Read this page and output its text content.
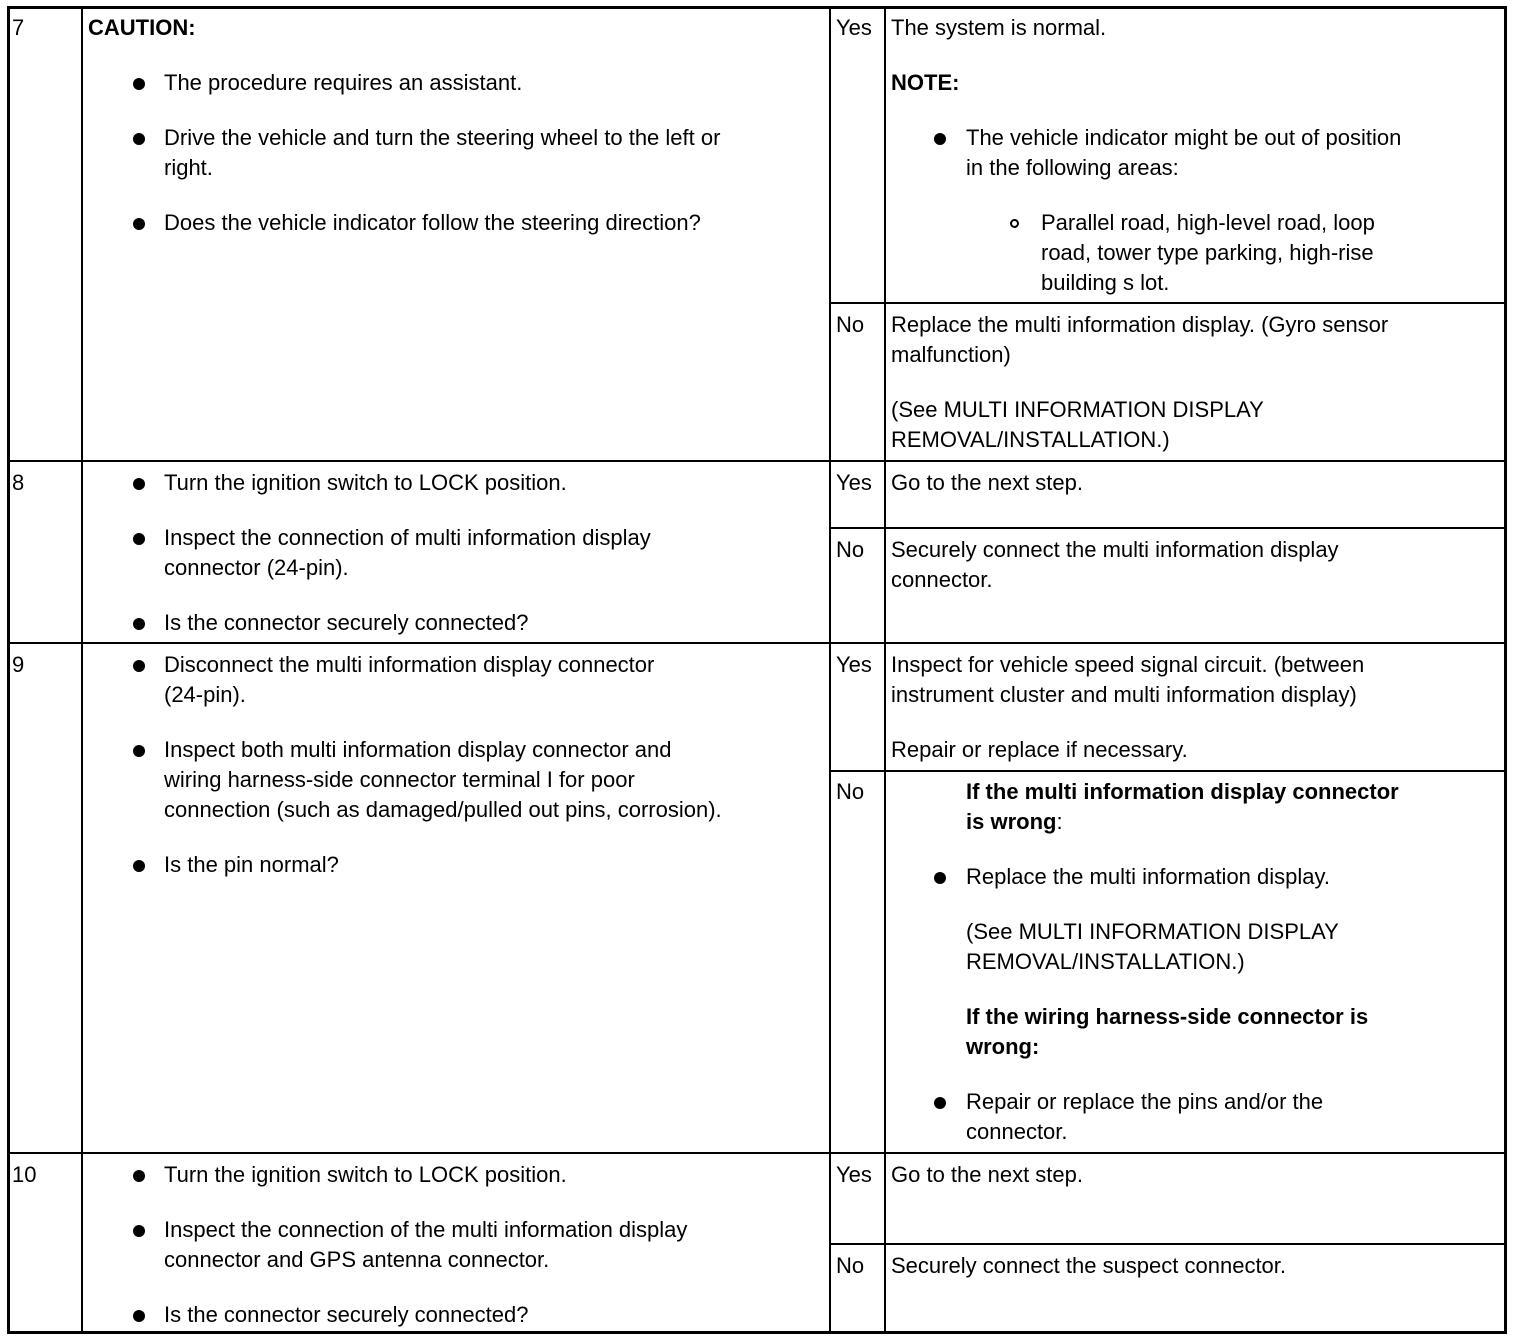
7	CAUTION:
The procedure requires an assistant.
Drive the vehicle and turn the steering wheel to the left or
right.
Does the vehicle indicator follow the steering direction?
Yes The system is normal.
NOTE:
The vehicle indicator might be out of position
in the following areas:
Parallel road, high-level road, loop
road, tower type parking, high-rise
building s lot.
No Replace the multi information display. (Gyro sensor
malfunction)
(See MULTI INFORMATION DISPLAY
REMOVAL/INSTALLATION.)
8	Turn the ignition switch to LOCK position.
Inspect the connection of multi information display
connector (24-pin).
Is the connector securely connected?
Yes Go to the next step.
No Securely connect the multi information display
connector.
9	Disconnect the multi information display connector
(24-pin).
Inspect both multi information display connector and
wiring harness-side connector terminal I for poor
connection (such as damaged/pulled out pins, corrosion).
Is the pin normal?
Yes Inspect for vehicle speed signal circuit. (between
instrument cluster and multi information display)
Repair or replace if necessary.
No	If the multi information display connector
is wrong:
Replace the multi information display.
(See MULTI INFORMATION DISPLAY
REMOVAL/INSTALLATION.)
If the wiring harness-side connector is
wrong:
Repair or replace the pins and/or the
connector.
10	Turn the ignition switch to LOCK position.
Inspect the connection of the multi information display
connector and GPS antenna connector.
Is the connector securely connected?
Yes Go to the next step.
No Securely connect the suspect connector.
